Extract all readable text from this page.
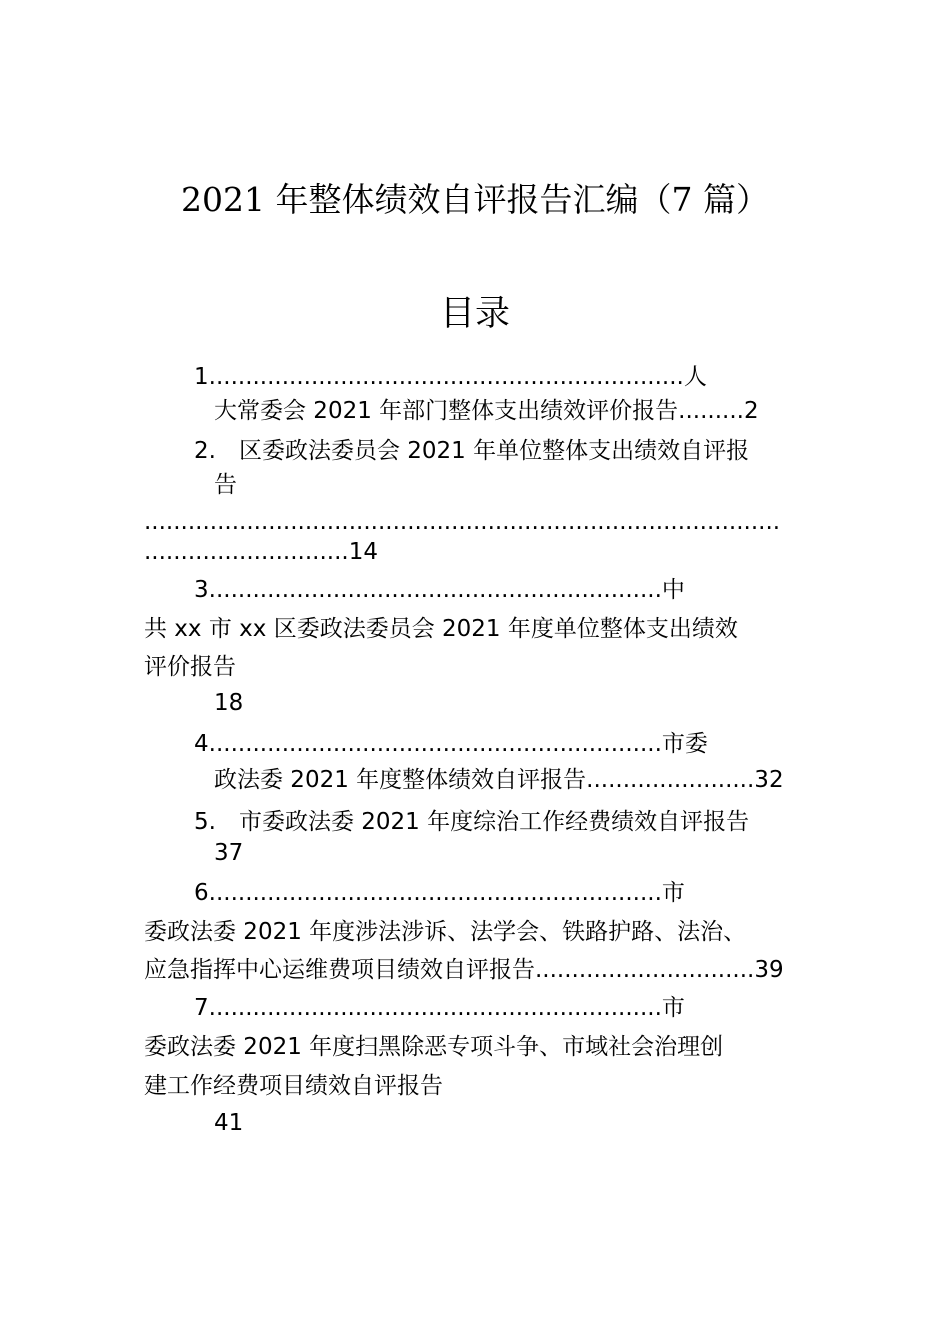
2021 年整体绩效自评报告汇编（7 篇）
目录
1.................................................................人
大常委会 2021 年部门整体支出绩效评价报告.........2
2.　区委政法委员会 2021 年单位整体支出绩效自评报
告
.......................................................................................
............................14
3..............................................................中
共 xx 市 xx 区委政法委员会 2021 年度单位整体支出绩效
评价报告
18
4..............................................................市委
政法委 2021 年度整体绩效自评报告.......................32
5.　市委政法委 2021 年度综治工作经费绩效自评报告
37
6..............................................................市
委政法委 2021 年度涉法涉诉、法学会、铁路护路、法治、
应急指挥中心运维费项目绩效自评报告..............................39
7..............................................................市
委政法委 2021 年度扫黑除恶专项斗争、市域社会治理创
建工作经费项目绩效自评报告
41
